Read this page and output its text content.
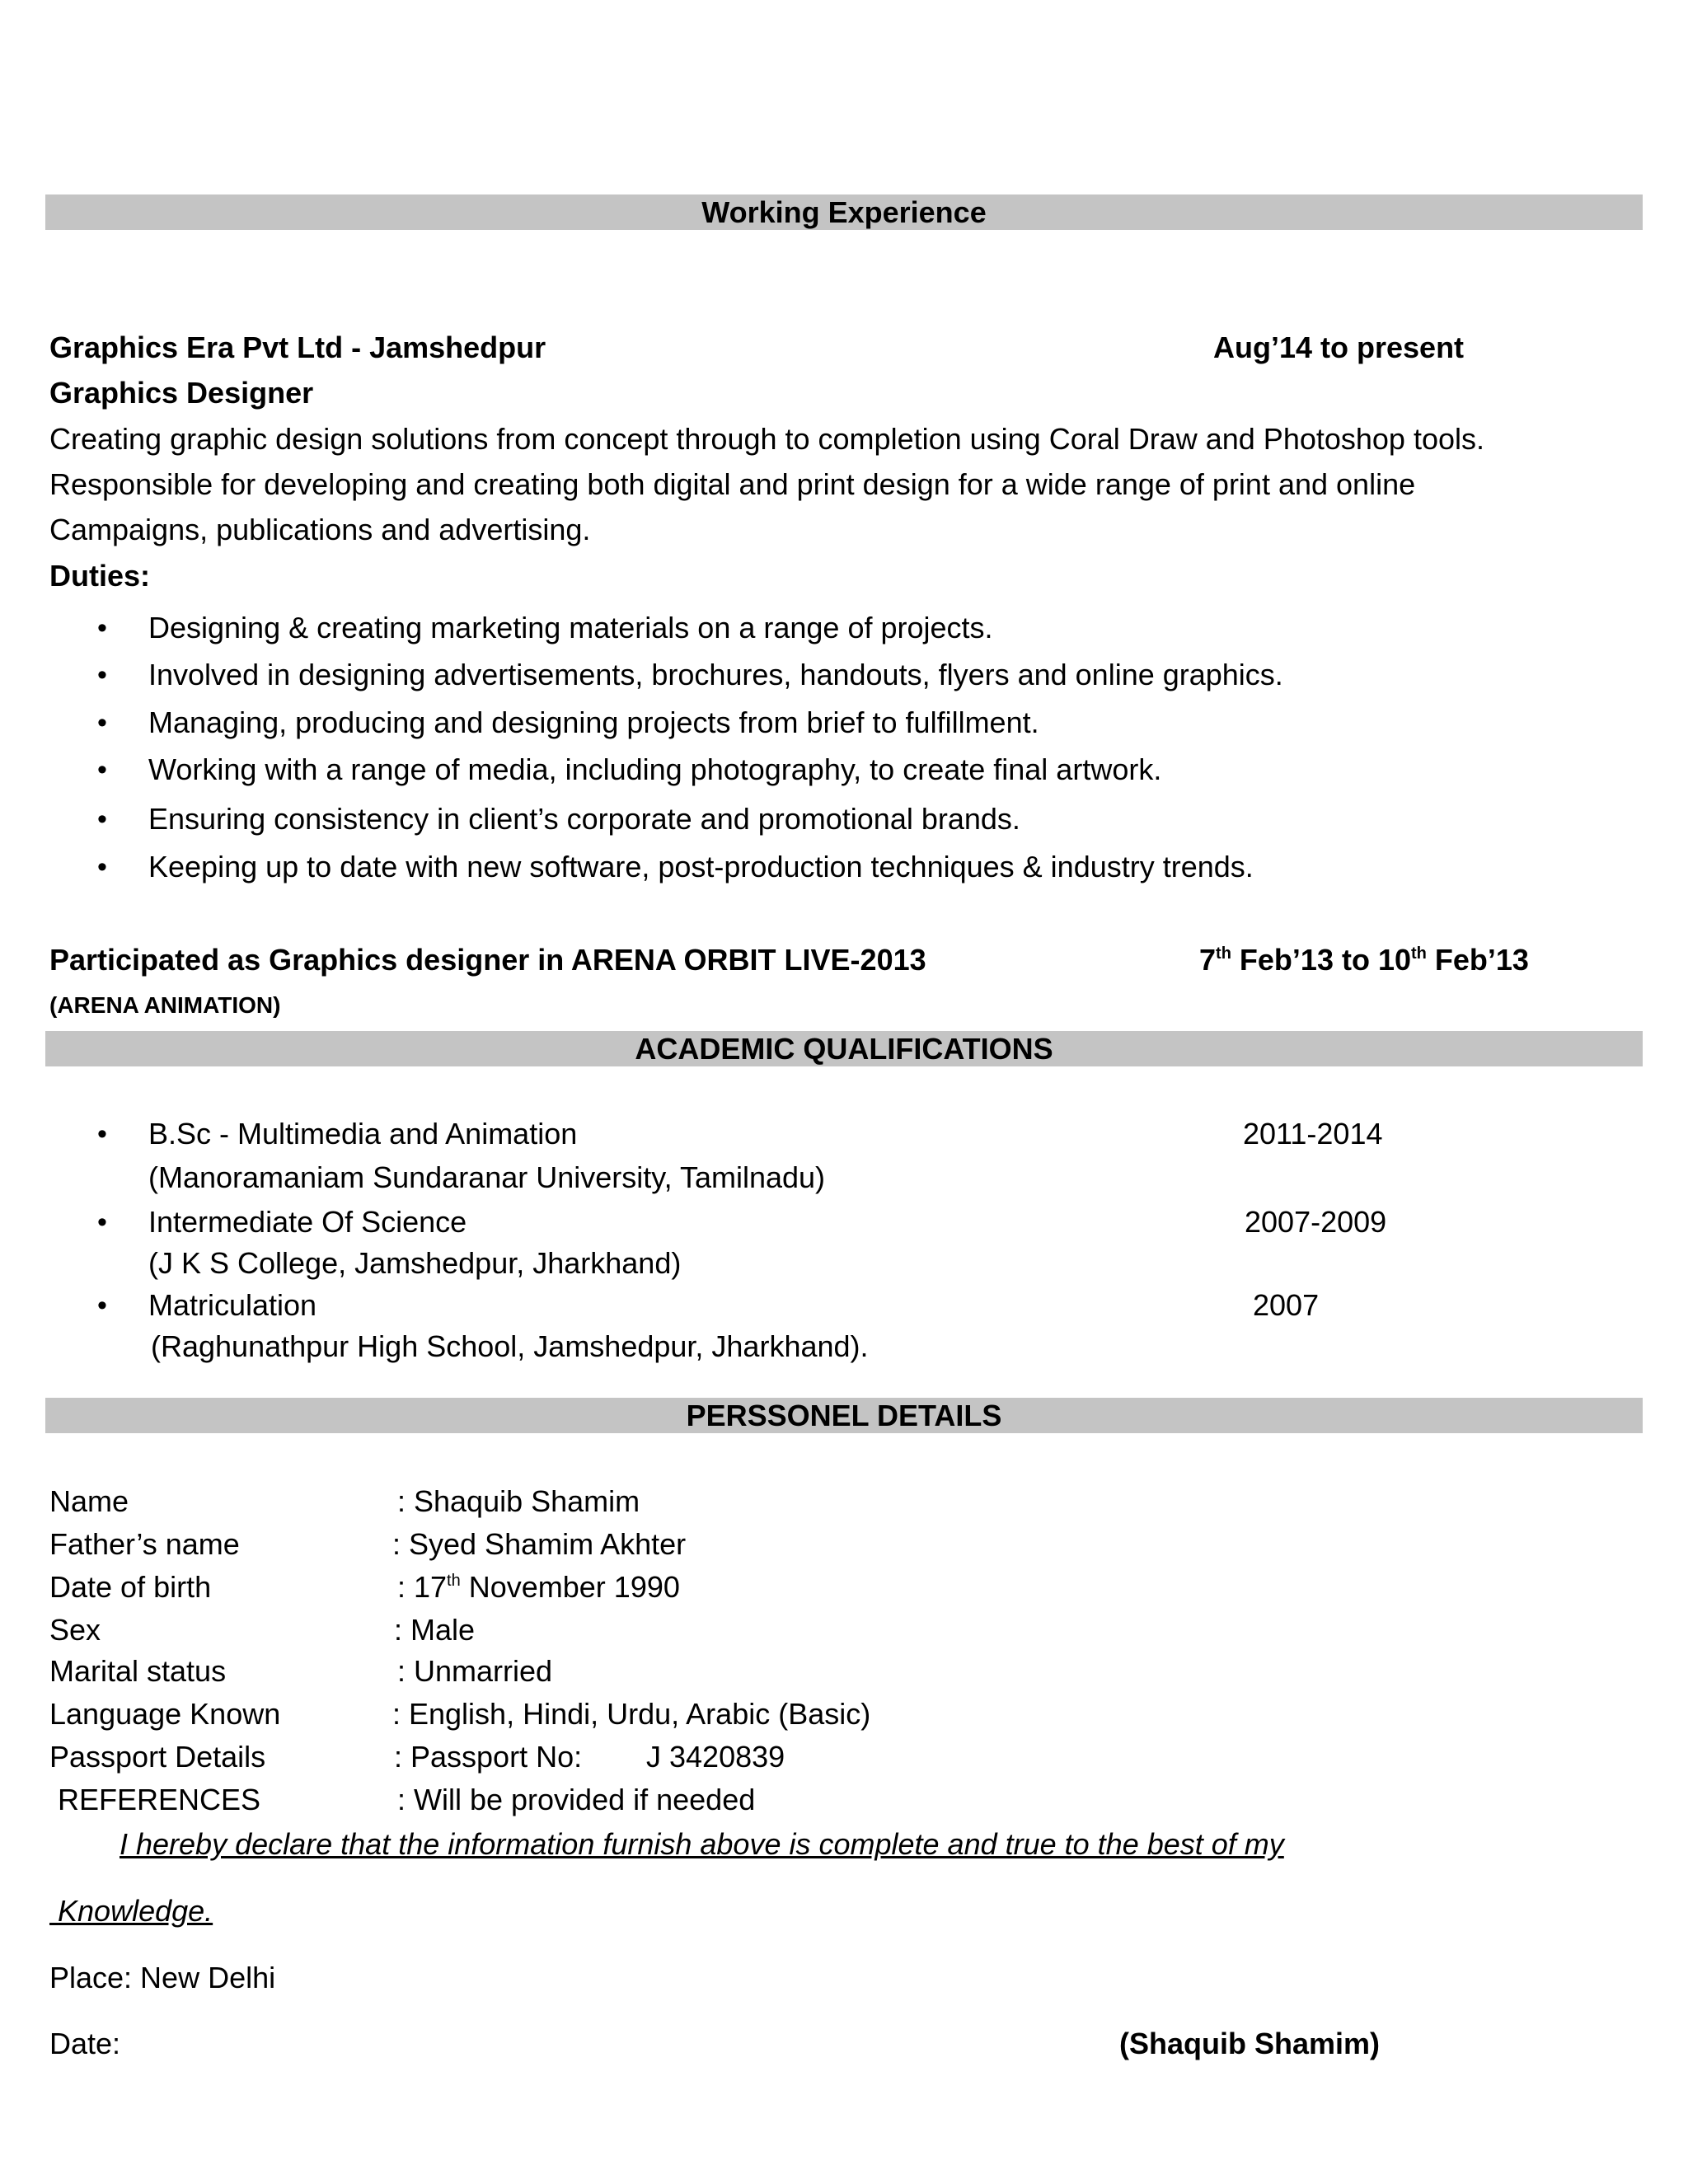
Working Experience
Graphics Era Pvt Ltd - Jamshedpur	Aug’14 to present
Graphics Designer
Creating graphic design solutions from concept through to completion using Coral Draw and Photoshop tools.
Responsible for developing and creating both digital and print design for a wide range of print and online
Campaigns, publications and advertising.
Duties:
• Designing & creating marketing materials on a range of projects.
• Involved in designing advertisements, brochures, handouts, flyers and online graphics.
• Managing, producing and designing projects from brief to fulfillment.
• Working with a range of media, including photography, to create final artwork.
• Ensuring consistency in client’s corporate and promotional brands.
• Keeping up to date with new software, post-production techniques & industry trends.
Participated as Graphics designer in ARENA ORBIT LIVE-2013	7th Feb’13 to 10th Feb’13
(ARENA ANIMATION)
ACADEMIC QUALIFICATIONS
• B.Sc - Multimedia and Animation	2011-2014
(Manoramaniam Sundaranar University, Tamilnadu)
• Intermediate Of Science	2007-2009
(J K S College, Jamshedpur, Jharkhand)
• Matriculation	2007
(Raghunathpur High School, Jamshedpur, Jharkhand).
PERSSONEL DETAILS
Name	: Shaquib Shamim
Father’s name	: Syed Shamim Akhter
Date of birth	: 17th November 1990
Sex	: Male
Marital status	: Unmarried
Language Known	: English, Hindi, Urdu, Arabic (Basic)
Passport Details	: Passport No: J 3420839
REFERENCES	: Will be provided if needed
I hereby declare that the information furnish above is complete and true to the best of my
Knowledge.
Place: New Delhi
Date:	(Shaquib Shamim)
